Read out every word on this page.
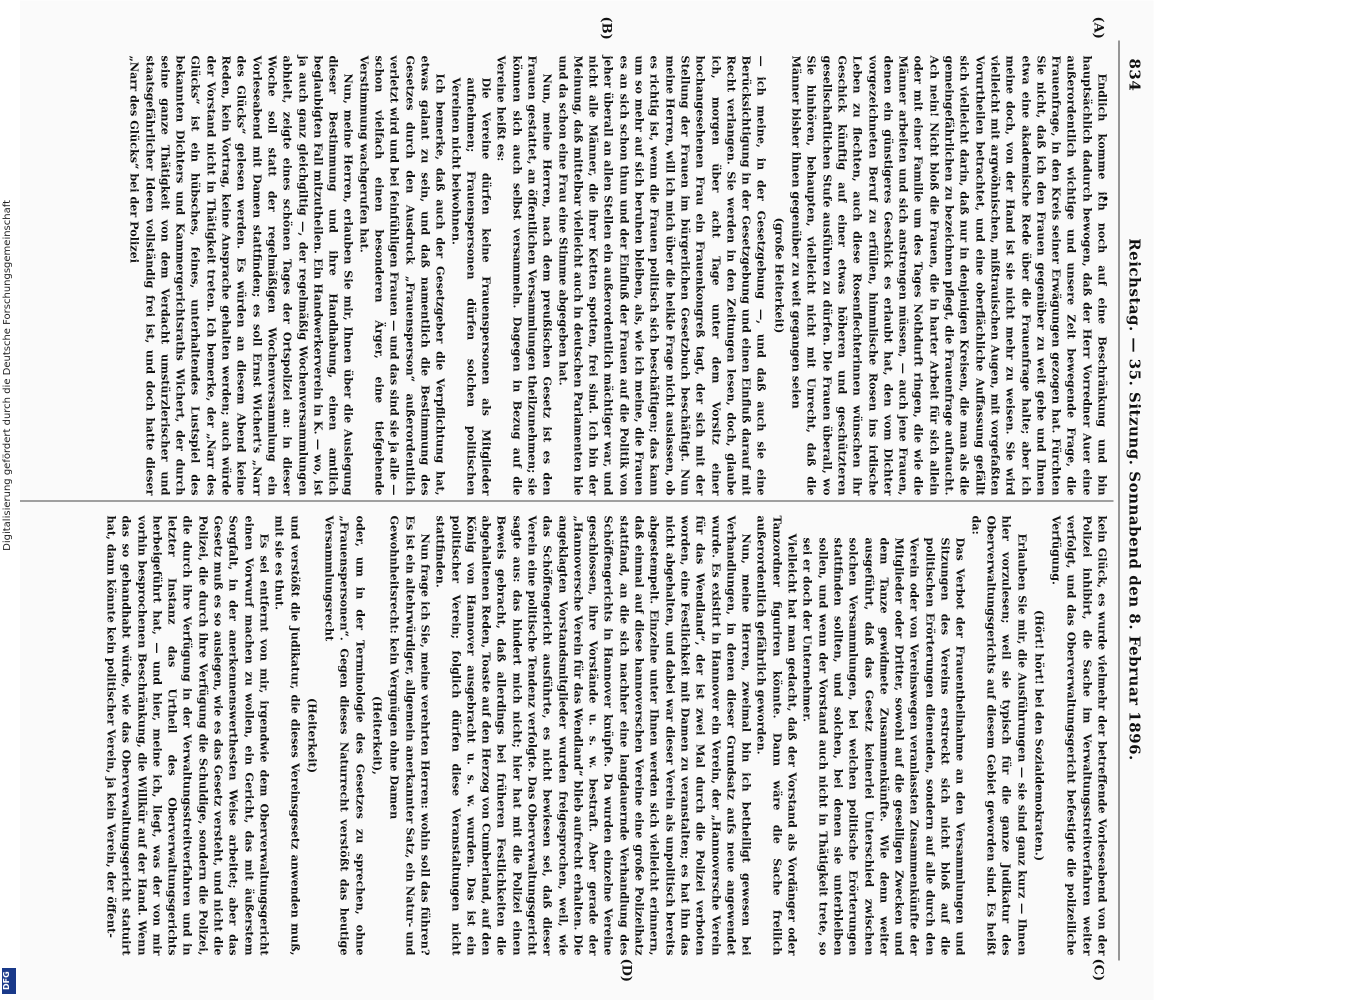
834
Reichstag. — 35. Sitzung. Sonnabend den 8. Februar 1896.
(A)
(B)
(C)
(D)

Endlich komme ich noch auf eine Beschränkung und bin hauptsächlich dadurch bewogen, daß der Herr Vorredner Auer eine außerordentlich wichtige und unsere Zeit bewegende Frage, die Frauenfrage, in den Kreis seiner Erwägungen gezogen hat. Fürchten Sie nicht, daß ich den Frauen gegenüber zu weit gehe und Ihnen etwa eine akademische Rede über die Frauenfrage halte; aber ich meine doch, von der Hand ist sie nicht mehr zu weisen. Sie wird vielleicht mit argwöhnischen, mißtrauischen Augen, mit vorgefaßten Vorurtheilen betrachtet, und eine oberflächliche Auffassung gefällt sich vielleicht darin, daß nur in denjenigen Kreisen, die man als die gemeingefährlichen zu bezeichnen pflegt, die Frauenfrage auftaucht. Ach nein! Nicht bloß die Frauen, die in harter Arbeit für sich allein oder mit einer Familie um des Tages Nothdurft ringen, die wie die Männer arbeiten und sich anstrengen müssen, — auch jene Frauen, denen ein günstigeres Geschick es erlaubt hat, den vom Dichter vorgezeichneten Beruf zu erfüllen, himmlische Rosen ins irdische Leben zu flechten, auch diese Rosenflechterinnen wünschen ihr Geschick künftig auf einer etwas höheren und geschützteren gesellschaftlichen Stufe ausführen zu dürfen. Die Frauen überall, wo Sie hinhören, behaupten, vielleicht nicht mit Unrecht, daß die Männer bisher ihnen gegenüber zu weit gegangen seien

(große Heiterkeit)

— ich meine, in der Gesetzgebung —, und daß auch sie eine Berücksichtigung in der Gesetzgebung und einen Einfluß darauf mit Recht verlangen. Sie werden in den Zeitungen lesen, doch, glaube ich, morgen über acht Tage unter dem Vorsitz einer hochangesehenen Frau ein Frauenkongreß tagt, der sich mit der Stellung der Frauen im bürgerlichen Gesetzbuch beschäftigt. Nun meine Herren, will ich mich über die heikle Frage nicht auslassen, ob es richtig ist, wenn die Frauen politisch sich beschäftigen; das kann um so mehr auf sich beruhen bleiben, als, wie ich meine, die Frauen es an sich schon thun und der Einfluß der Frauen auf die Politik von jeher überall an allen Stellen ein außerordentlich mächtiger war, und nicht alle Männer, die ihrer Ketten spotten, frei sind. Ich bin der Meinung, daß mittelbar vielleicht auch in deutschen Parlamenten hie und da schon eine Frau eine Stimme abgegeben hat.

Nun, meine Herren, nach dem preußischen Gesetz ist es den Frauen gestattet, an öffentlichen Versammlungen theilzunehmen; sie können sich auch selbst versammeln. Dagegen in Bezug auf die Vereine heißt es:

Die Vereine dürfen keine Frauenspersonen als Mitglieder aufnehmen; Frauenspersonen dürfen solchen politischen Vereinen nicht beiwohnen.

Ich bemerke, daß auch der Gesetzgeber die Verpflichtung hat, etwas galant zu sein, und daß namentlich die Bestimmung des Gesetzes durch den Ausdruck „Frauensperson“ außerordentlich verletzt wird und bei feinfühligen Frauen — und das sind sie ja alle — schon vielfach einen besonderen Ärger, eine tiefgehende Verstimmung wachgerufen hat.

Nun, meine Herren, erlauben Sie mir, Ihnen über die Auslegung dieser Bestimmung und ihre Handhabung, einen amtlich beglaubigten Fall mitzutheilen. Ein Handwerkerverein in K. — wo, ist ja auch ganz gleichgiltig —, der regelmäßig Wochenversammlungen abhielt, zeigte eines schönen Tages der Ortspolizei an: in dieser Woche soll statt der regelmäßigen Wochenversammlung ein Vorleseabend mit Damen stattfinden; es soll Ernst Wichert's „Narr des Glücks“ gelesen werden. Es würden an diesem Abend keine Reden, kein Vortrag, keine Ansprache gehalten werden; auch würde der Vorstand nicht in Thätigkeit treten. Ich bemerke, der „Narr des Glücks“ ist ein hübsches, feines, unterhaltendes Lustspiel des bekannten Dichters und Kammergerichtsraths Wichert, der durch seine ganze Thätigkeit von dem Verdacht umstürzlerischer und staatsgefährlicher Ideen vollständig frei ist, und doch hatte dieser „Narr des Glücks“ bei der Polizei

kein Glück, es wurde vielmehr der betreffende Vorleseabend von der Polizei inhibirt, die Sache im Verwaltungsstreitverfahren weiter verfolgt, und das Oberverwaltungsgericht befestigte die polizeiliche Verfügung.

(Hört! hört! bei den Sozialdemokraten.)

Erlauben Sie mir, die Ausführungen — sie sind ganz kurz — Ihnen hier vorzulesen; weil sie typisch für die ganze Judikatur des Oberverwaltungsgerichts auf diesem Gebiet geworden sind. Es heißt da:

Das Verbot der Frauentheilnahme an den Versammlungen und Sitzungen des Vereins erstreckt sich nicht bloß auf die politischen Erörterungen dienenden, sondern auf alle durch den Verein oder von Vereinswegen veranlassten Zusammenkünfte der Mitglieder oder Dritter, sowohl auf die geselligen Zwecken und dem Tanze gewidmete Zusammenkünfte. Wie denn weiter ausgeführt, daß das Gesetz keinerlei Unterschied zwischen solchen Versammlungen, bei welchen politische Erörterungen stattfinden sollten, und solchen, bei denen sie unterbleiben sollen, und wenn der Vorstand auch nicht in Thätigkeit trete, so sei er doch der Unternehmer.

Vielleicht hat man gedacht, daß der Vorstand als Vordänger oder Tanzordner figuriren könnte. Dann wäre die Sache freilich außerordentlich gefährlich geworden.

Nun, meine Herren, zweimal bin ich betheiligt gewesen bei Verhandlungen, in denen dieser Grundsatz aufs neue angewendet wurde. Es existirt in Hannover ein Verein, der „Hannoversche Verein für das Wendland“, der ist zwei Mal durch die Polizei verboten worden, eine Festlichkeit mit Damen zu veranstalten; es hat ihn das nicht abgehalten, und dabei war dieser Verein als unpolitisch bereits abgestempelt. Einzelne unter Ihnen werden sich vielleicht erinnern, daß einmal auf diese hannoverschen Vereine eine große Polizeihatz stattfand, an die sich nachher eine langdauernde Verhandlung des Schöffengerichts in Hannover knüpfte. Da wurden einzelne Vereine geschlossen, ihre Vorstände u. s. w. bestraft. Aber gerade der „Hannoversche Verein für das Wendland“ blieb aufrecht erhalten. Die angeklagten Vorstandsmitglieder wurden freigesprochen, weil, wie das Schöffengericht ausführte, es nicht bewiesen sei, daß dieser Verein eine politische Tendenz verfolgte. Das Oberverwaltungsgericht sagte aus: das hindert mich nicht; hier hat mit die Polizei einen Beweis gebracht, daß allerdings bei früheren Festlichkeiten die abgehaltenen Reden, Toaste auf den Herzog von Cumberland, auf den König von Hannover ausgebracht u. s. w. wurden. Das ist ein politischer Verein; folglich dürfen diese Veranstaltungen nicht stattfinden.

Nun frage ich Sie, meine verehrten Herren: wohin soll das führen? Es ist ein altehrwürdiger, allgemein anerkannter Satz, ein Natur- und Gewohnheitsrecht: kein Vergnügen ohne Damen

(Heiterkeit),

oder, um in der Terminologie des Gesetzes zu sprechen, ohne „Frauenspersonen“. Gegen dieses Naturrecht verstößt das heutige Versammlungsrecht

(Heiterkeit)

und verstößt die Judikatur, die dieses Vereinsgesetz anwenden muß, mit sie es thut.

Es sei entfernt von mir, irgendwie dem Oberverwaltungsgericht einen Vorwurf machen zu wollen, ein Gericht, das mit äußerstem Sorgfalt, in der anerkennenswerthesten Weise arbeitet; aber das Gesetz muß es so auslegen, wie es das Gesetz versteht, und nicht die Polizei, die durch ihre Verfügung die Schuldige, sondern die Polizei, die durch ihre Verfügung in der Verwaltungsstreitverfahren und in letzter Instanz das Urtheil des Oberverwaltungsgerichts herbeigeführt hat, — und hier, meine ich, liegt, was der von mir vorhin besprochenen Beschränkung, die Willkür auf der Hand. Wenn das so gehandhabt würde, wie das Oberverwaltungsgericht statuirt hat, dann könnte kein politischer Verein, ja kein Verein, der öffent-

Digitalisierung gefördert durch die Deutsche Forschungsgemeinschaft
DFG
